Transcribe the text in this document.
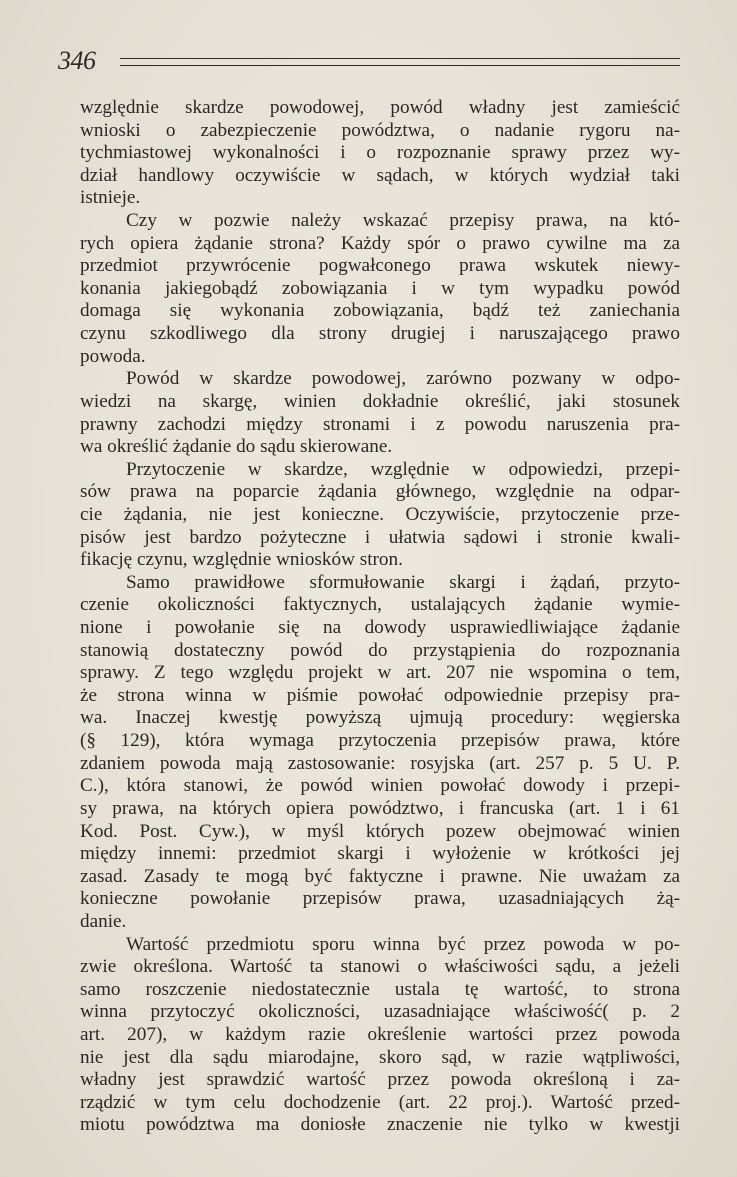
346
względnie skardze powodowej, powód władny jest zamieścić
wnioski o zabezpieczenie powództwa, o nadanie rygoru na-
tychmiastowej wykonalności i o rozpoznanie sprawy przez wy-
dział handlowy oczywiście w sądach, w których wydział taki
istnieje.
Czy w pozwie należy wskazać przepisy prawa, na któ-
rych opiera żądanie strona? Każdy spór o prawo cywilne ma za
przedmiot przywrócenie pogwałconego prawa wskutek niewy-
konania jakiegobądź zobowiązania i w tym wypadku powód
domaga się wykonania zobowiązania, bądź też zaniechania
czynu szkodliwego dla strony drugiej i naruszającego prawo
powoda.
Powód w skardze powodowej, zarówno pozwany w odpo-
wiedzi na skargę, winien dokładnie określić, jaki stosunek
prawny zachodzi między stronami i z powodu naruszenia pra-
wa określić żądanie do sądu skierowane.
Przytoczenie w skardze, względnie w odpowiedzi, przepi-
sów prawa na poparcie żądania głównego, względnie na odpar-
cie żądania, nie jest konieczne. Oczywiście, przytoczenie prze-
pisów jest bardzo pożyteczne i ułatwia sądowi i stronie kwali-
fikację czynu, względnie wniosków stron.
Samo prawidłowe sformułowanie skargi i żądań, przyto-
czenie okoliczności faktycznych, ustalających żądanie wymie-
nione i powołanie się na dowody usprawiedliwiające żądanie
stanowią dostateczny powód do przystąpienia do rozpoznania
sprawy. Z tego względu projekt w art. 207 nie wspomina o tem,
że strona winna w piśmie powołać odpowiednie przepisy pra-
wa. Inaczej kwestję powyższą ujmują procedury: węgierska
(§ 129), która wymaga przytoczenia przepisów prawa, które
zdaniem powoda mają zastosowanie: rosyjska (art. 257 p. 5 U. P.
C.), która stanowi, że powód winien powołać dowody i przepi-
sy prawa, na których opiera powództwo, i francuska (art. 1 i 61
Kod. Post. Cyw.), w myśl których pozew obejmować winien
między innemi: przedmiot skargi i wyłożenie w krótkości jej
zasad. Zasady te mogą być faktyczne i prawne. Nie uważam za
konieczne powołanie przepisów prawa, uzasadniających żą-
danie.
Wartość przedmiotu sporu winna być przez powoda w po-
zwie określona. Wartość ta stanowi o właściwości sądu, a jeżeli
samo roszczenie niedostatecznie ustala tę wartość, to strona
winna przytoczyć okoliczności, uzasadniające właściwość( p. 2
art. 207), w każdym razie określenie wartości przez powoda
nie jest dla sądu miarodajne, skoro sąd, w razie wątpliwości,
władny jest sprawdzić wartość przez powoda określoną i za-
rządzić w tym celu dochodzenie (art. 22 proj.). Wartość przed-
miotu powództwa ma doniosłe znaczenie nie tylko w kwestji
